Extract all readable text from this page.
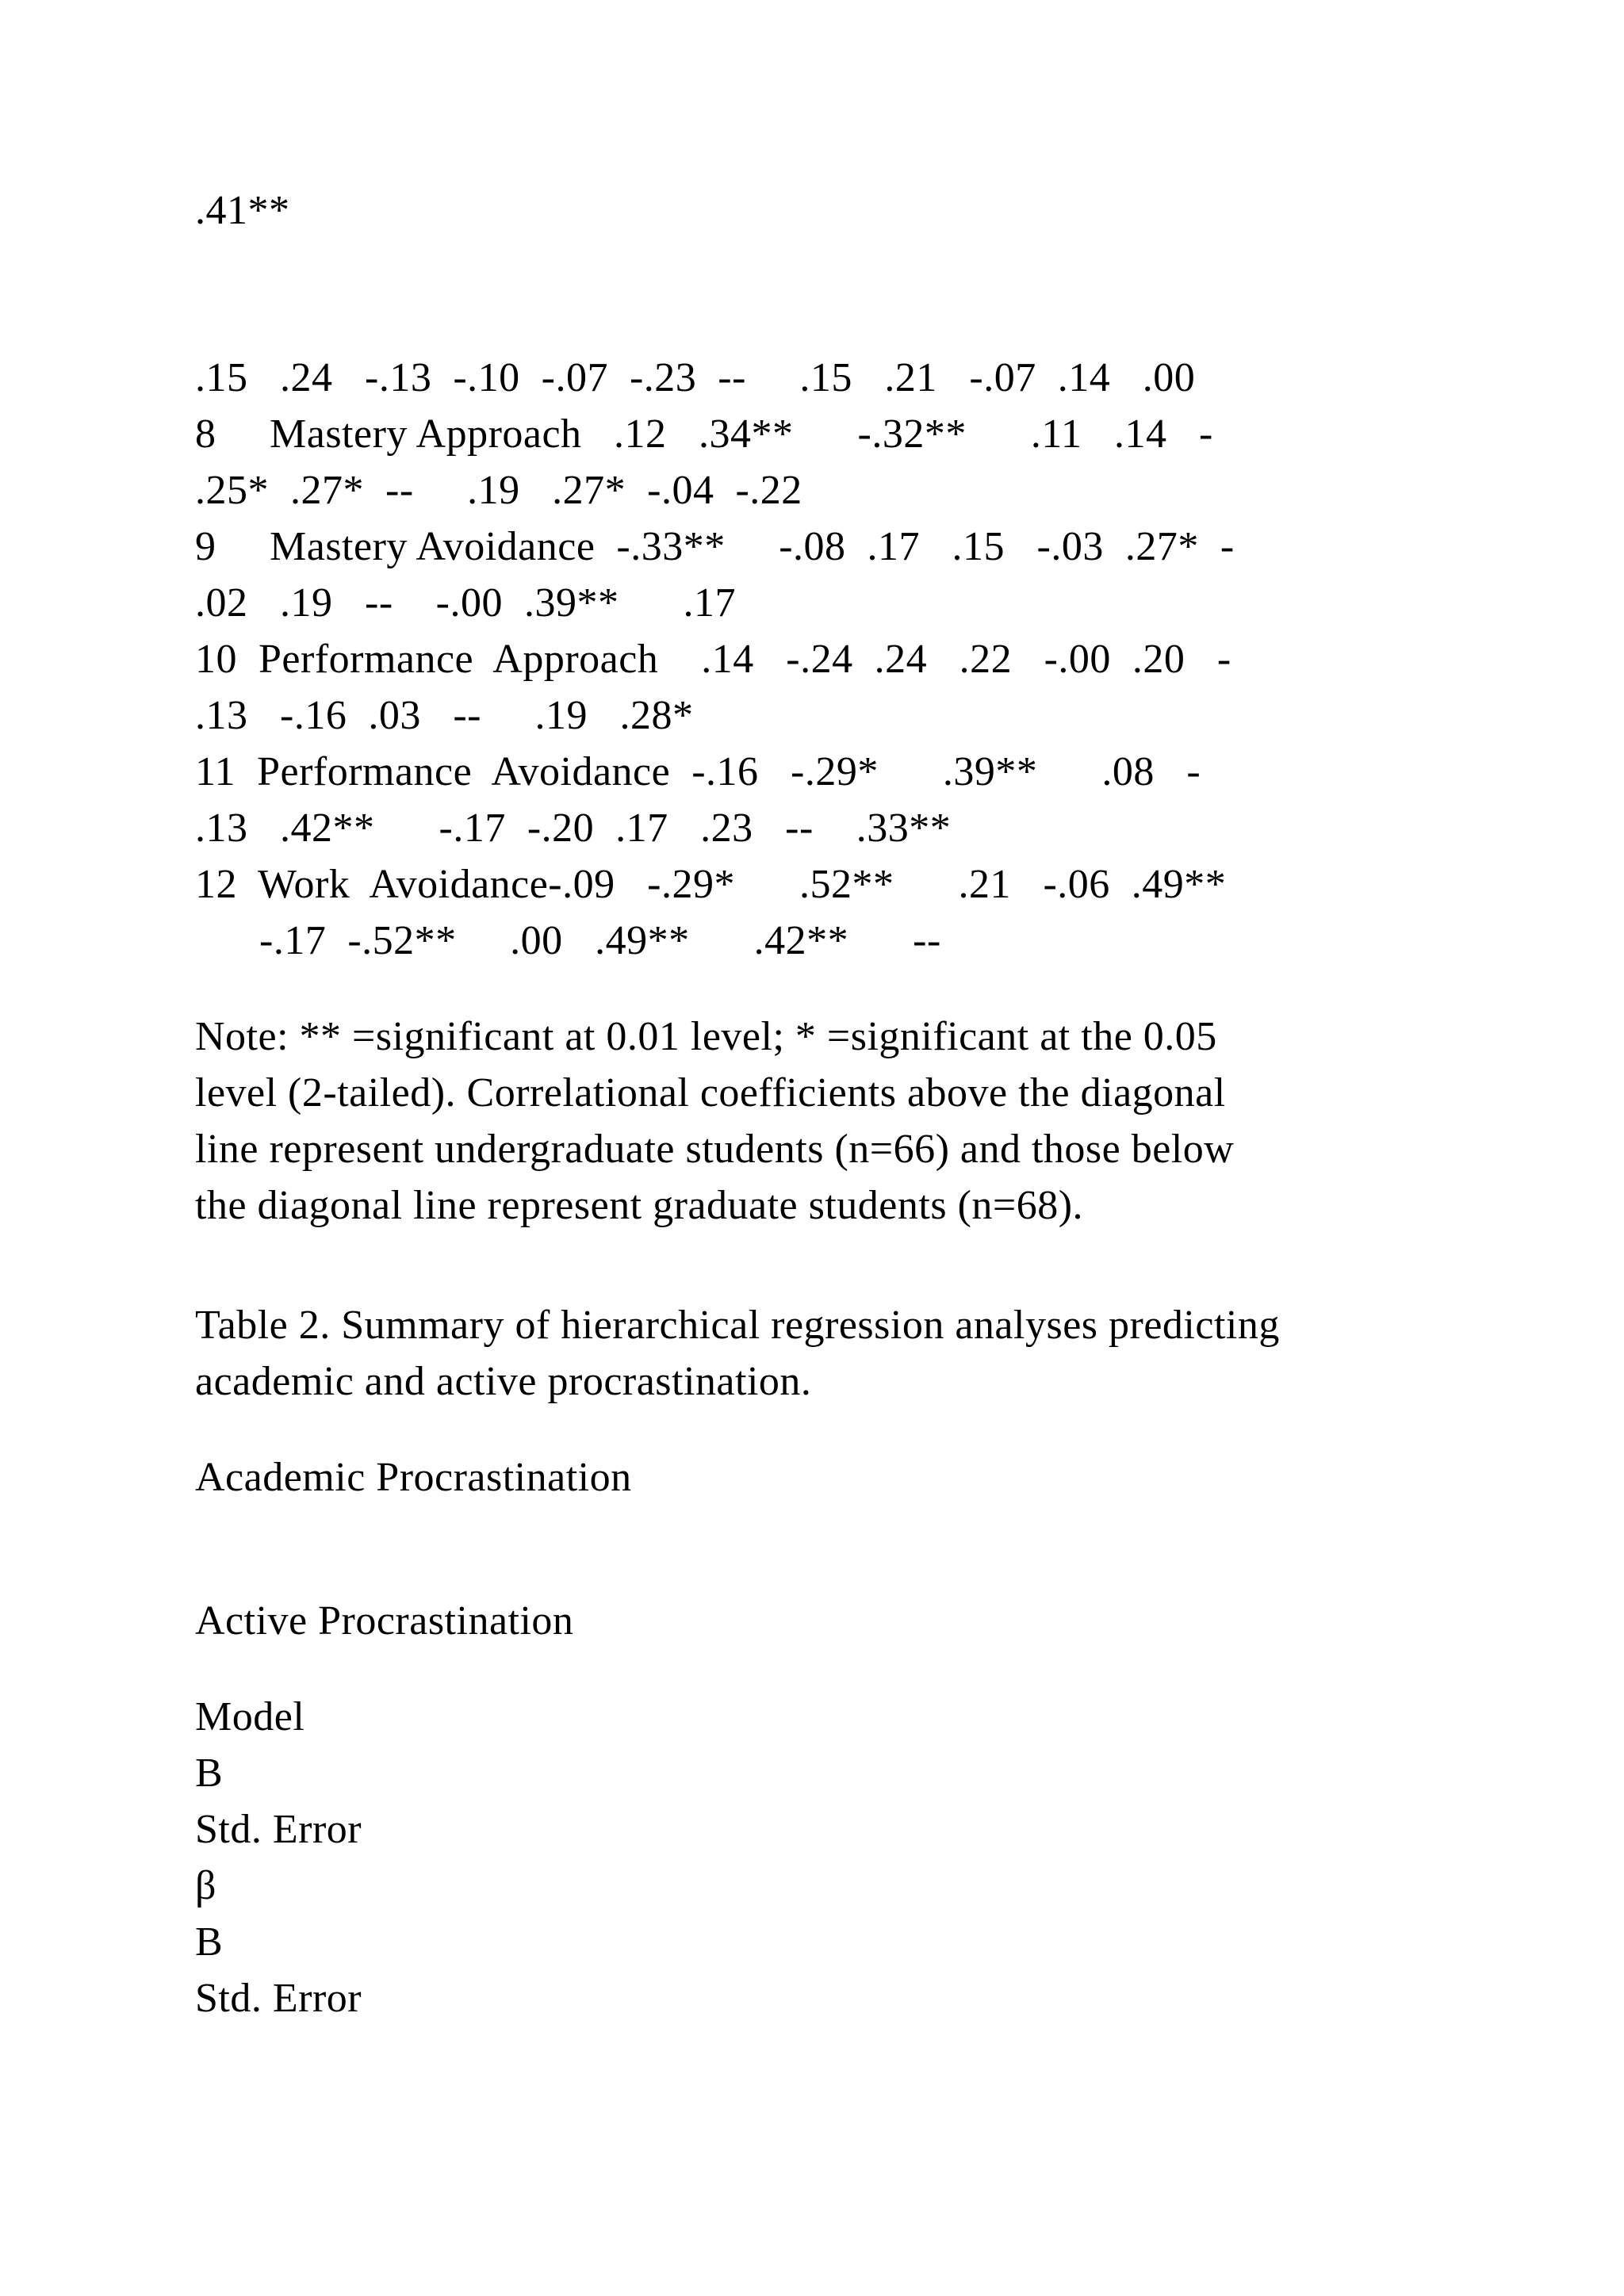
.41**
.15   .24   -.13  -.10  -.07  -.23  --     .15   .21   -.07  .14   .00
8     Mastery Approach   .12   .34**      -.32**      .11   .14   -
.25*  .27*  --     .19   .27*  -.04  -.22
9     Mastery Avoidance  -.33**     -.08  .17   .15   -.03  .27*  -
.02   .19   --    -.00  .39**      .17
10  Performance  Approach    .14   -.24  .24   .22   -.00  .20   -
.13   -.16  .03   --     .19   .28*
11  Performance  Avoidance  -.16   -.29*      .39**      .08   -
.13   .42**      -.17  -.20  .17   .23   --    .33**
12  Work  Avoidance-.09   -.29*      .52**      .21   -.06  .49**
-.17  -.52**     .00   .49**      .42**      --
Note: ** =significant at 0.01 level; * =significant at the 0.05
level (2-tailed). Correlational coefficients above the diagonal
line represent undergraduate students (n=66) and those below
the diagonal line represent graduate students (n=68).
Table 2. Summary of hierarchical regression analyses predicting
academic and active procrastination.
Academic Procrastination
Active Procrastination
Model
B
Std. Error
β
B
Std. Error
